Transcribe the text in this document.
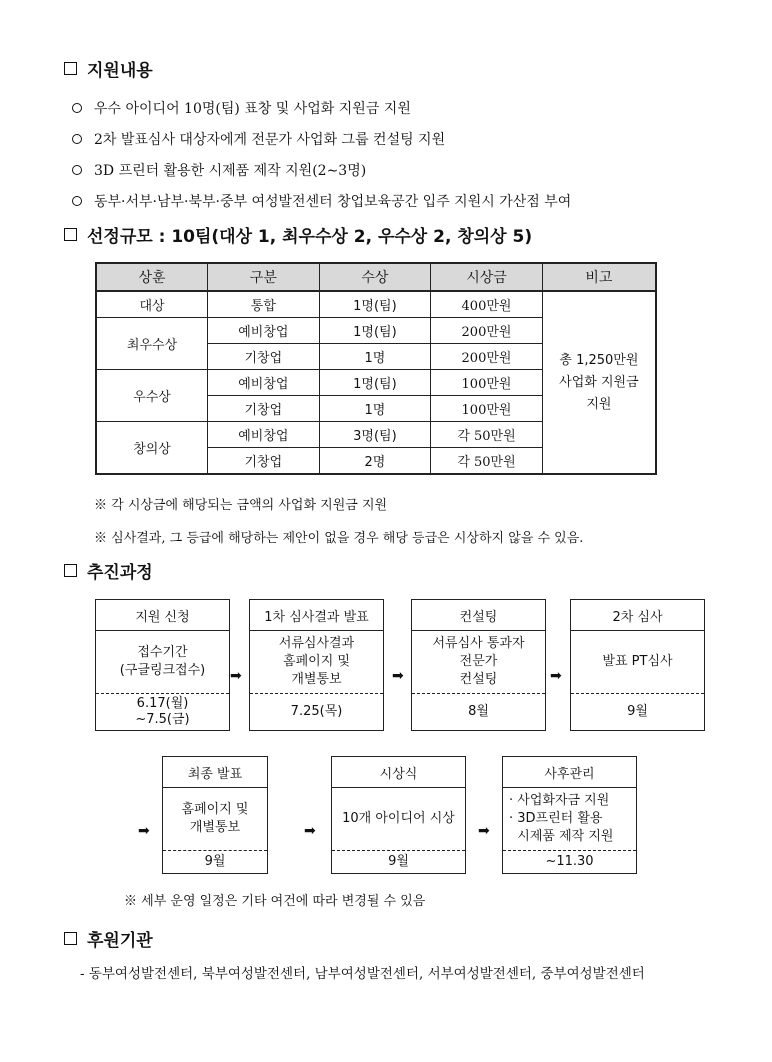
지원내용
우수 아이디어 10명(팀) 표창 및 사업화 지원금 지원
2차 발표심사 대상자에게 전문가 사업화 그룹 컨설팅 지원
3D 프린터 활용한 시제품 제작 지원(2∼3명)
동부·서부·남부·북부·중부 여성발전센터 창업보육공간 입주 지원시 가산점 부여
선정규모 : 10팀(대상 1, 최우수상 2, 우수상 2, 창의상 5)
상훈	구분	수상	시상금	비고
대상	통합	1명(팀)	400만원	총 1,250만원
사업화 지원금
지원

최우수상	예비창업	1명(팀)	200만원	
	기창업	1명	200만원	
우수상	예비창업	1명(팀)	100만원	
	기창업	1명	100만원	
창의상	예비창업	3명(팀)	각 50만원	
	기창업	2명	각 50만원	
※ 각 시상금에 해당되는 금액의 사업화 지원금 지원
※ 심사결과, 그 등급에 해당하는 제안이 없을 경우 해당 등급은 시상하지 않을 수 있음.
추진과정
지원 신청
접수기간
(구글링크접수)
6.17(월)
~7.5(금)
➡
1차 심사결과 발표
서류심사결과
홈페이지 및
개별통보
7.25(목)
➡
컨설팅
서류심사 통과자
전문가
컨설팅
8월
➡
2차 심사
발표 PT심사
9월
➡
최종 발표
홈페이지 및
개별통보
9월
➡
시상식
10개 아이디어 시상
9월
➡
사후관리
· 사업화자금 지원
· 3D프린터 활용
시제품 제작 지원
~11.30
※ 세부 운영 일정은 기타 여건에 따라 변경될 수 있음
후원기관
- 동부여성발전센터, 북부여성발전센터, 남부여성발전센터, 서부여성발전센터, 중부여성발전센터
